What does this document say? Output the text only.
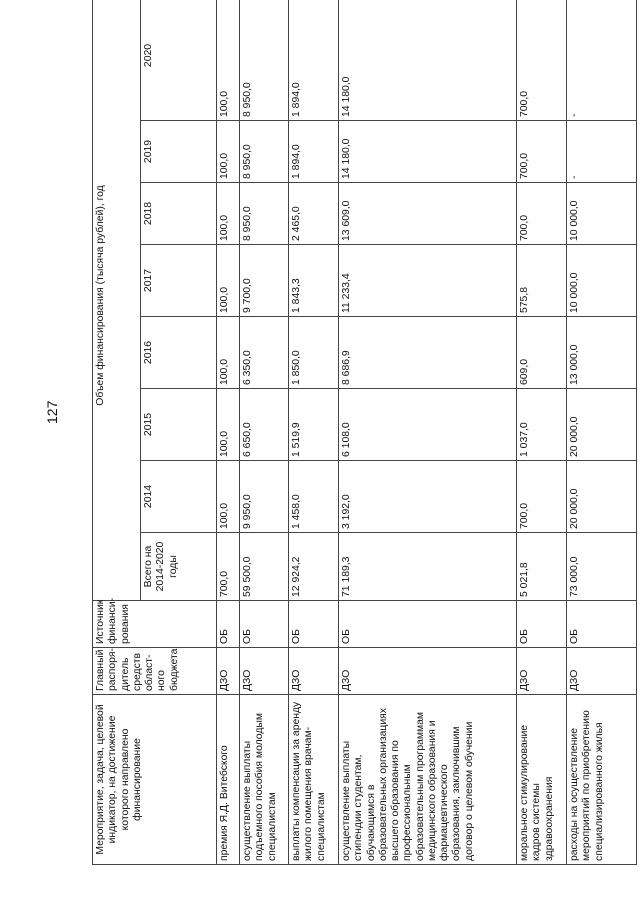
127
Мероприятие, задача, целевой индикатор, на достижение которого направлено финансирование	Главный распоря-дитель средств област-ного бюджета	Источник финанси-рования	Объем финансирования (тысяча рублей), год							
			Всего на 2014-2020 годы	2014	2015	2016	2017	2018	2019	2020
премия Я.Д. Витебского	ДЗО	ОБ	700,0	100,0	100,0	100,0	100,0	100,0	100,0	100,0
осуществление выплаты подъемного пособия молодым специалистам	ДЗО	ОБ	59 500,0	9 950,0	6 650,0	6 350,0	9 700,0	8 950,0	8 950,0	8 950,0
выплаты компенсации за аренду жилого помещения врачам-специалистам	ДЗО	ОБ	12 924,2	1 458,0	1 519,9	1 850,0	1 843,3	2 465,0	1 894,0	1 894,0
осуществление выплаты стипендии студентам, обучающимся в образовательных организациях высшего образования по профессиональным образовательным программам медицинского образования и фармацевтического образования, заключившим договор о целевом обучении	ДЗО	ОБ	71 189,3	3 192,0	6 108,0	8 686,9	11 233,4	13 609,0	14 180,0	14 180,0
моральное стимулирование кадров системы здравоохранения	ДЗО	ОБ	5 021,8	700,0	1 037,0	609,0	575,8	700,0	700,0	700,0
расходы на осуществление мероприятий по приобретению специализированного жилья	ДЗО	ОБ	73 000,0	20 000,0	20 000,0	13 000,0	10 000,0	10 000,0	-	-
